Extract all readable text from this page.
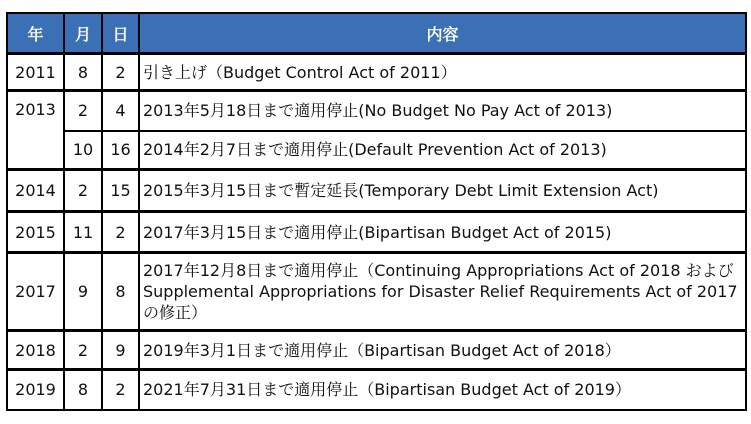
年	月	日	内容
2011	8	2	引き上げ（Budget Control Act of 2011）
2013	2	4	2013年5月18日まで適用停止(No Budget No Pay Act of 2013)
	10	16	2014年2月7日まで適用停止(Default Prevention Act of 2013)
2014	2	15	2015年3月15日まで暫定延長(Temporary Debt Limit Extension Act)
2015	11	2	2017年3月15日まで適用停止(Bipartisan Budget Act of 2015)
2017	9	8	2017年12月8日まで適用停止（Continuing Appropriations Act of 2018 および Supplemental Appropriations for Disaster Relief Requirements Act of 2017 の修正）
2018	2	9	2019年3月1日まで適用停止（Bipartisan Budget Act of 2018）
2019	8	2	2021年7月31日まで適用停止（Bipartisan Budget Act of 2019）
